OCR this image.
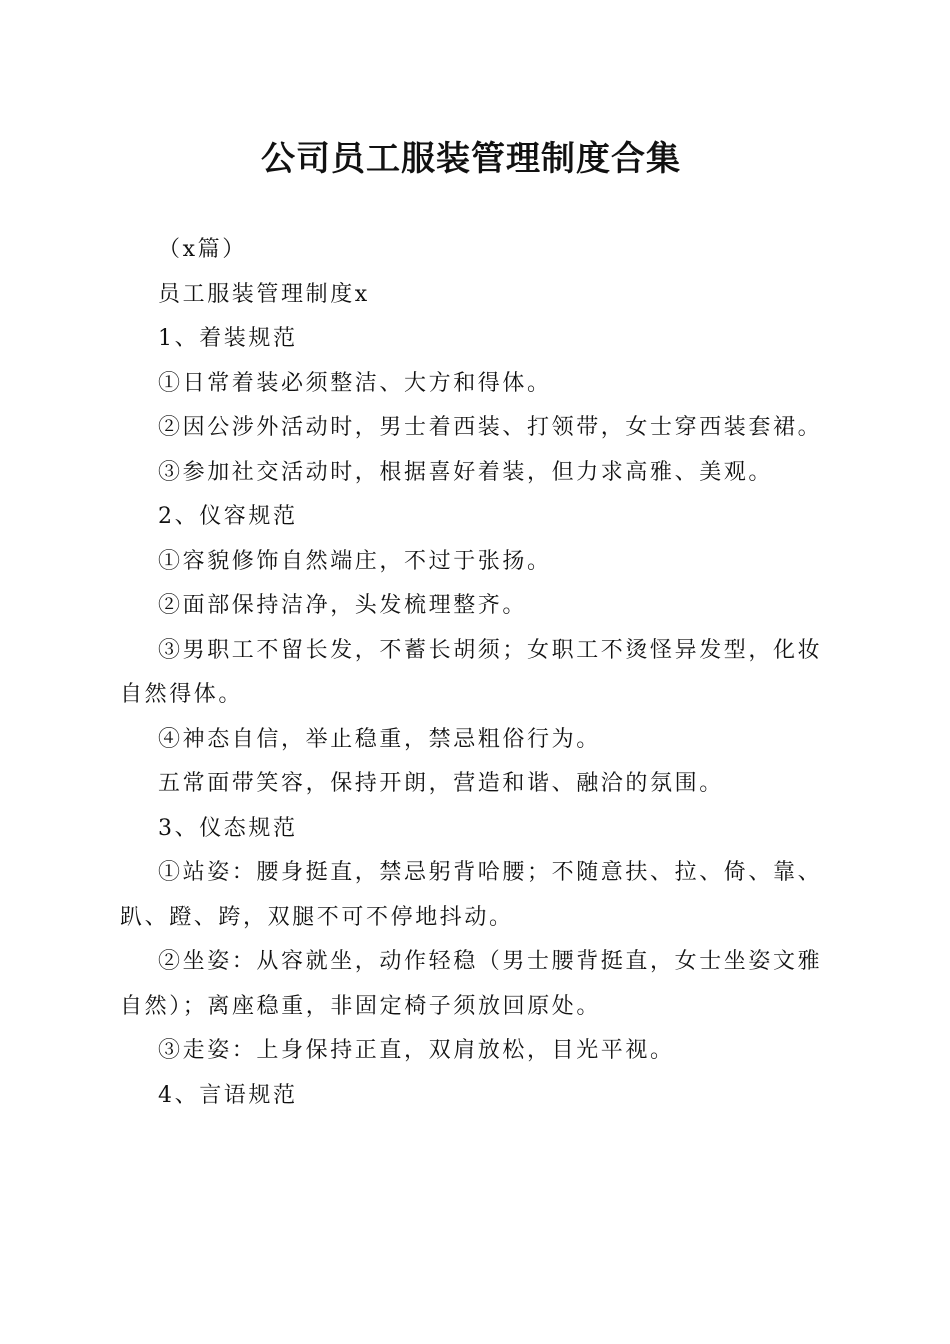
公司员工服装管理制度合集

（x篇）

员工服装管理制度x

1、着装规范

①日常着装必须整洁、大方和得体。

②因公涉外活动时，男士着西装、打领带，女士穿西装套裙。

③参加社交活动时，根据喜好着装，但力求高雅、美观。

2、仪容规范

①容貌修饰自然端庄，不过于张扬。

②面部保持洁净，头发梳理整齐。

③男职工不留长发，不蓄长胡须；女职工不烫怪异发型，化妆自然得体。

④神态自信，举止稳重，禁忌粗俗行为。

五常面带笑容，保持开朗，营造和谐、融洽的氛围。

3、仪态规范

①站姿：腰身挺直，禁忌躬背哈腰；不随意扶、拉、倚、靠、趴、蹬、跨，双腿不可不停地抖动。

②坐姿：从容就坐，动作轻稳（男士腰背挺直，女士坐姿文雅自然）；离座稳重，非固定椅子须放回原处。

③走姿：上身保持正直，双肩放松，目光平视。

4、言语规范
